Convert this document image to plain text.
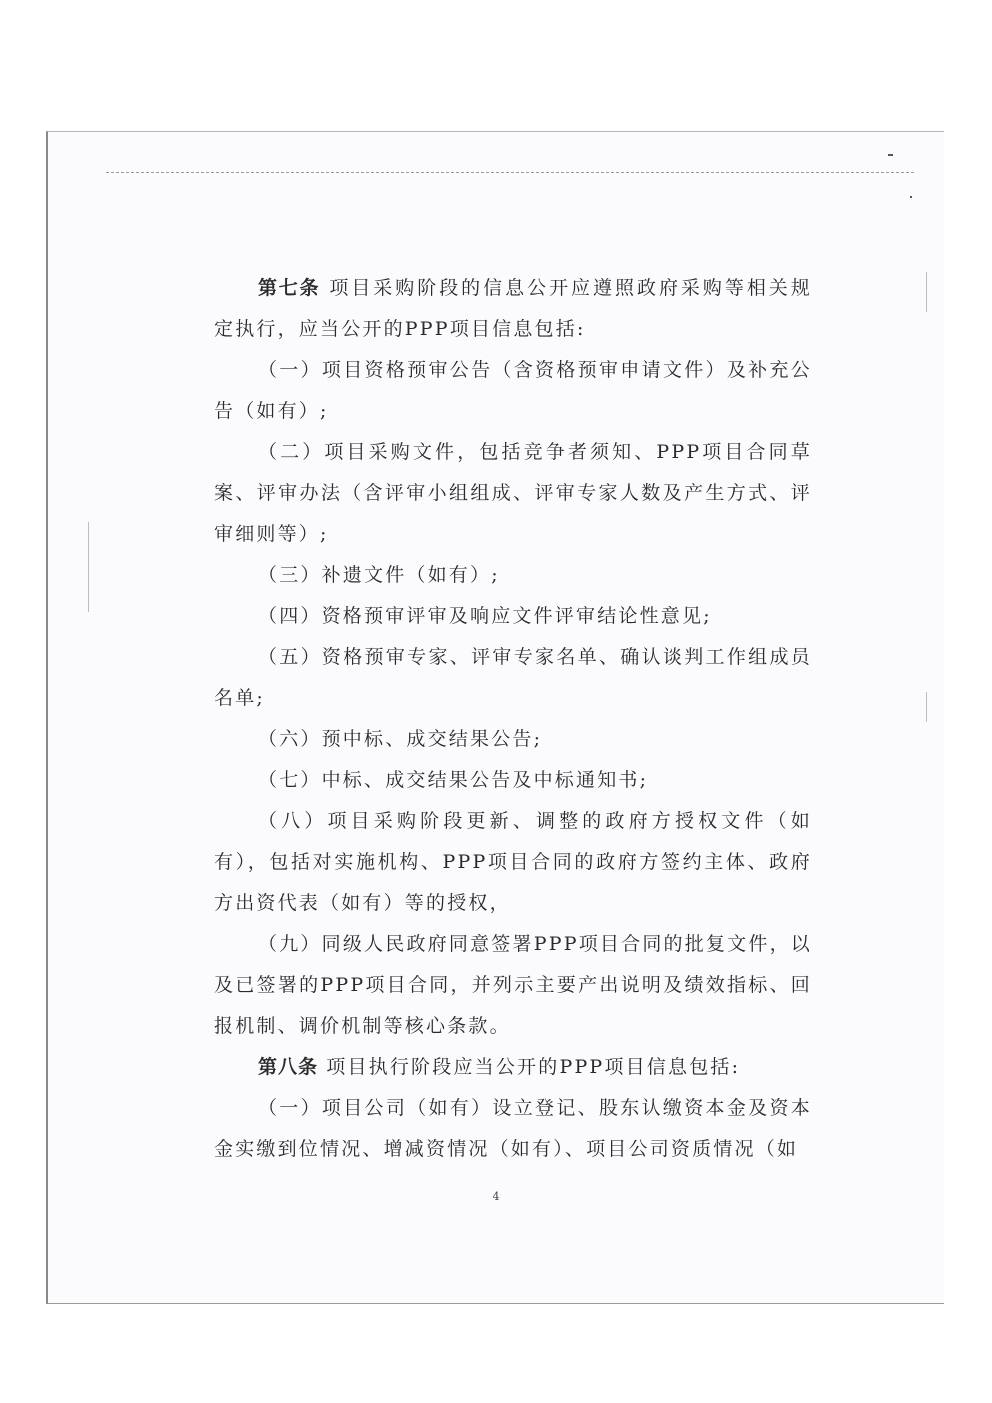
第七条 项目采购阶段的信息公开应遵照政府采购等相关规定执行，应当公开的PPP项目信息包括:

（一）项目资格预审公告（含资格预审申请文件）及补充公告（如有）;

（二）项目采购文件，包括竞争者须知、PPP项目合同草案、评审办法（含评审小组组成、评审专家人数及产生方式、评审细则等）;

（三）补遗文件（如有）;

（四）资格预审评审及响应文件评审结论性意见;

（五）资格预审专家、评审专家名单、确认谈判工作组成员名单;

（六）预中标、成交结果公告;

（七）中标、成交结果公告及中标通知书;

（八）项目采购阶段更新、调整的政府方授权文件（如有），包括对实施机构、PPP项目合同的政府方签约主体、政府方出资代表（如有）等的授权，

（九）同级人民政府同意签署PPP项目合同的批复文件，以及已签署的PPP项目合同，并列示主要产出说明及绩效指标、回报机制、调价机制等核心条款。

第八条 项目执行阶段应当公开的PPP项目信息包括:

（一）项目公司（如有）设立登记、股东认缴资本金及资本金实缴到位情况、增减资情况（如有）、项目公司资质情况（如

4
